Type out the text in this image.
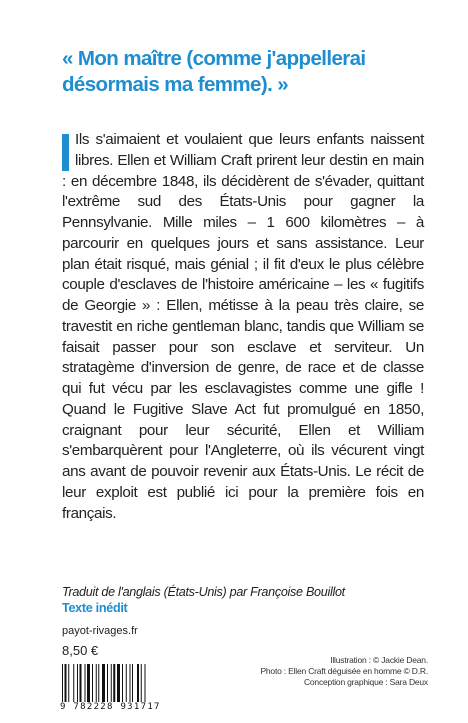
« Mon maître (comme j'appellerai désormais ma femme). »

Ils s'aimaient et voulaient que leurs enfants naissent libres. Ellen et William Craft prirent leur destin en main : en décembre 1848, ils décidèrent de s'évader, quittant l'extrême sud des États-Unis pour gagner la Pennsylvanie. Mille miles – 1 600 kilomètres – à parcourir en quelques jours et sans assistance. Leur plan était risqué, mais génial ; il fit d'eux le plus célèbre couple d'esclaves de l'histoire américaine – les « fugitifs de Georgie » : Ellen, métisse à la peau très claire, se travestit en riche gentleman blanc, tandis que William se faisait passer pour son esclave et serviteur. Un stratagème d'inversion de genre, de race et de classe qui fut vécu par les esclavagistes comme une gifle ! Quand le Fugitive Slave Act fut promulgué en 1850, craignant pour leur sécurité, Ellen et William s'embarquèrent pour l'Angleterre, où ils vécurent vingt ans avant de pouvoir revenir aux États-Unis. Le récit de leur exploit est publié ici pour la première fois en français.
Traduit de l'anglais (États-Unis) par Françoise Bouillot
Texte inédit
payot-rivages.fr
8,50 €
Illustration : © Jackie Dean.
Photo : Ellen Craft déguisée en homme © D.R.
Conception graphique : Sara Deux
9 782228 931717
